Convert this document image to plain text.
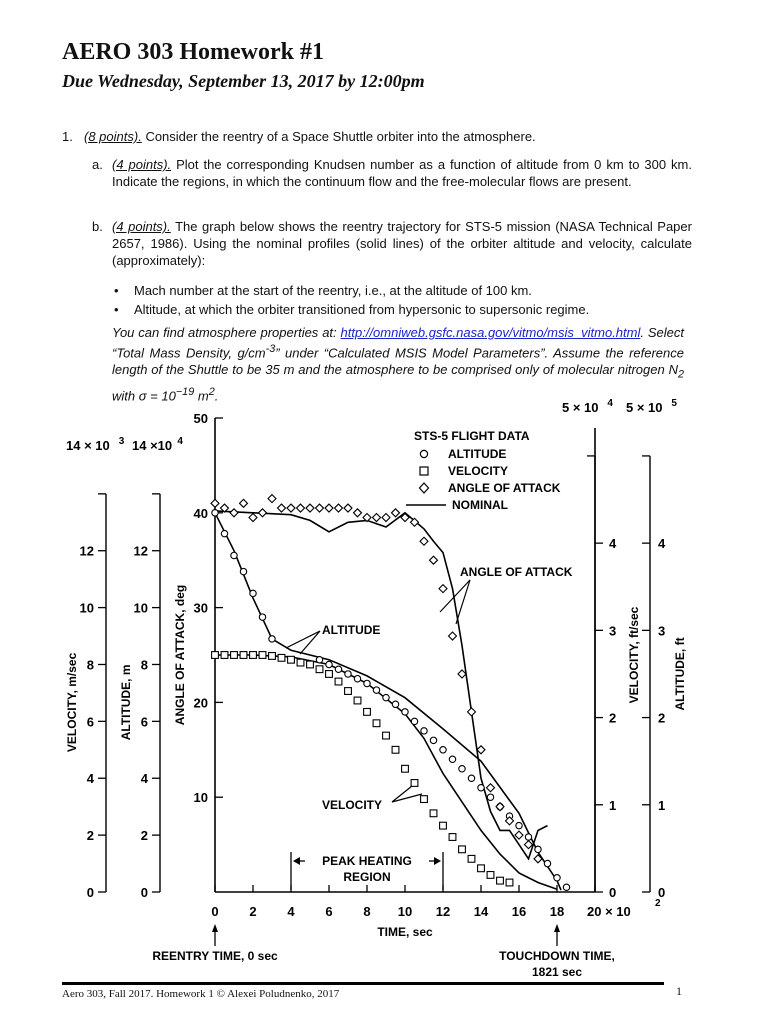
AERO 303 Homework #1
Due Wednesday, September 13, 2017 by 12:00pm
1. (8 points). Consider the reentry of a Space Shuttle orbiter into the atmosphere.
a. (4 points). Plot the corresponding Knudsen number as a function of altitude from 0 km to 300 km. Indicate the regions, in which the continuum flow and the free-molecular flows are present.
b. (4 points). The graph below shows the reentry trajectory for STS-5 mission (NASA Technical Paper 2657, 1986). Using the nominal profiles (solid lines) of the orbiter altitude and velocity, calculate (approximately):
• Mach number at the start of the reentry, i.e., at the altitude of 100 km.
• Altitude, at which the orbiter transitioned from hypersonic to supersonic regime.
You can find atmosphere properties at: http://omniweb.gsfc.nasa.gov/vitmo/msis_vitmo.html. Select “Total Mass Density, $g/cm^{-3}$” under “Calculated MSIS Model Parameters”. Assume the reference length of the Shuttle to be 35 m and the atmosphere to be comprised only of molecular nitrogen $N_2$ with $\sigma = 10^{-19}$ $m^2$.
10
20
30
40
50
ANGLE OF ATTACK, deg
0 2 4 6 8 10 12 14 16 18 20 × 10
2
TIME, sec
0
2
4
6
8
10
12
VELOCITY, m/sec
0
2
4
6
8
10
12
ALTITUDE, m
0
1
2
3
4
VELOCITY, ft/sec
0
1
2
3
4
ALTITUDE, ft
14 × 10 3 14 ×10 4
5 × 10 4 5 × 10 5
STS-5 FLIGHT DATA
ALTITUDE
VELOCITY
ANGLE OF ATTACK
NOMINAL
ANGLE OF ATTACK
ALTITUDE
VELOCITY
PEAK HEATING
REGION
REENTRY TIME, 0 sec	TOUCHDOWN TIME,
1821 sec
Aero 303, Fall 2017. Homework 1 © Alexei Poludnenko, 2017	1
